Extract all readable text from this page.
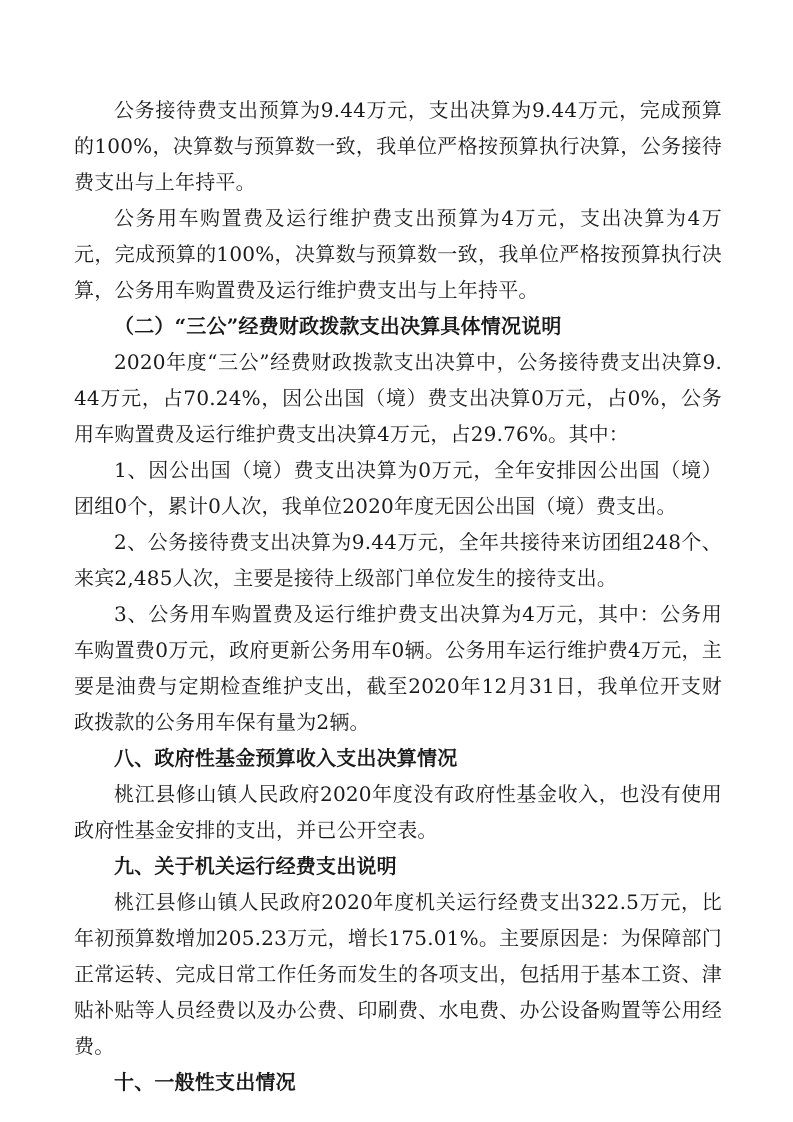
公务接待费支出预算为9.44万元，支出决算为9.44万元，完成预算的100%，决算数与预算数一致，我单位严格按预算执行决算，公务接待费支出与上年持平。

公务用车购置费及运行维护费支出预算为4万元，支出决算为4万元，完成预算的100%，决算数与预算数一致，我单位严格按预算执行决算，公务用车购置费及运行维护费支出与上年持平。

（二）“三公”经费财政拨款支出决算具体情况说明

2020年度“三公”经费财政拨款支出决算中，公务接待费支出决算9.44万元，占70.24%，因公出国（境）费支出决算0万元，占0%，公务用车购置费及运行维护费支出决算4万元，占29.76%。其中：

1、因公出国（境）费支出决算为0万元，全年安排因公出国（境）团组0个，累计0人次，我单位2020年度无因公出国（境）费支出。

2、公务接待费支出决算为9.44万元，全年共接待来访团组248个、来宾2,485人次，主要是接待上级部门单位发生的接待支出。

3、公务用车购置费及运行维护费支出决算为4万元，其中：公务用车购置费0万元，政府更新公务用车0辆。公务用车运行维护费4万元，主要是油费与定期检查维护支出，截至2020年12月31日，我单位开支财政拨款的公务用车保有量为2辆。

八、政府性基金预算收入支出决算情况

桃江县修山镇人民政府2020年度没有政府性基金收入，也没有使用政府性基金安排的支出，并已公开空表。

九、关于机关运行经费支出说明

桃江县修山镇人民政府2020年度机关运行经费支出322.5万元，比年初预算数增加205.23万元，增长175.01%。主要原因是：为保障部门正常运转、完成日常工作任务而发生的各项支出，包括用于基本工资、津贴补贴等人员经费以及办公费、印刷费、水电费、办公设备购置等公用经费。

十、一般性支出情况
